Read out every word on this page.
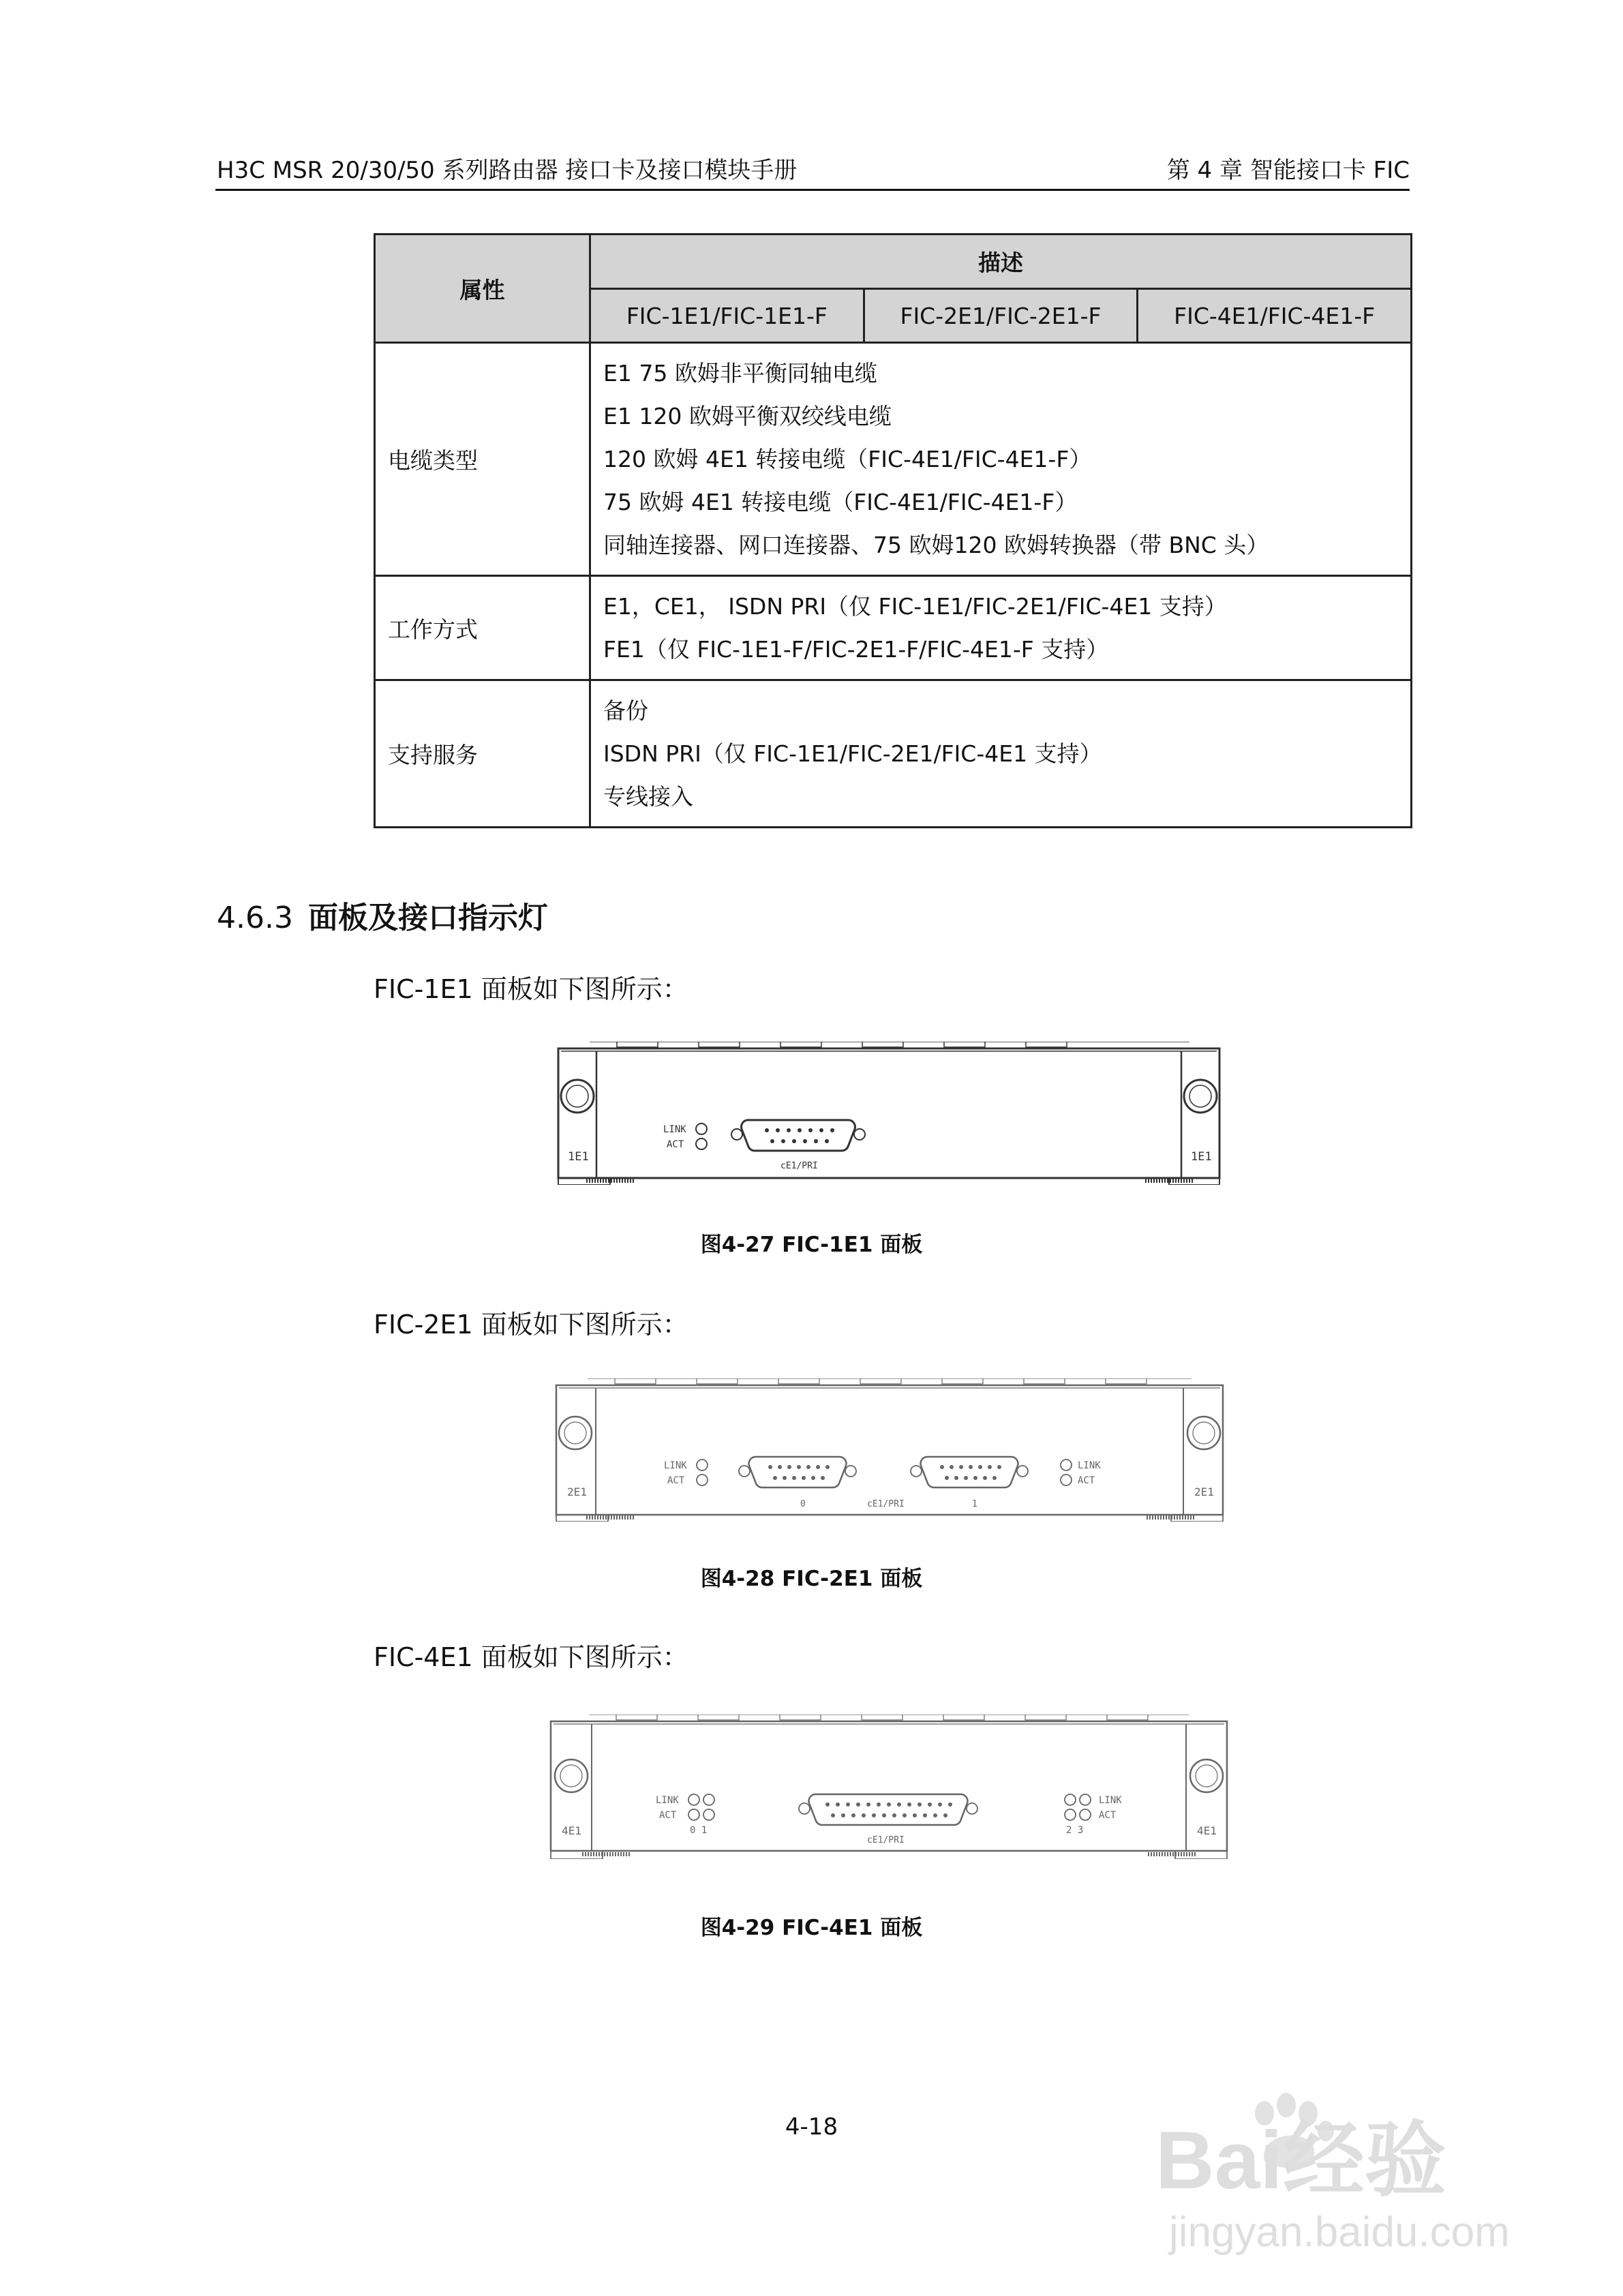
H3C MSR 20/30/50 系列路由器 接口卡及接口模块手册	第 4 章 智能接口卡 FIC
属性	描述		
	FIC-1E1/FIC-1E1-F	FIC-2E1/FIC-2E1-F	FIC-4E1/FIC-4E1-F
电缆类型	E1 75 欧姆非平衡同轴电缆
E1 120 欧姆平衡双绞线电缆
120 欧姆 4E1 转接电缆（FIC-4E1/FIC-4E1-F）
75 欧姆 4E1 转接电缆（FIC-4E1/FIC-4E1-F）
同轴连接器、网口连接器、75 欧姆120 欧姆转换器（带 BNC 头）		

工作方式	E1，CE1， ISDN PRI（仅 FIC-1E1/FIC-2E1/FIC-4E1 支持）
FE1（仅 FIC-1E1-F/FIC-2E1-F/FIC-4E1-F 支持）		

支持服务	备份
ISDN PRI（仅 FIC-1E1/FIC-2E1/FIC-4E1 支持）
专线接入		
4.6.3 面板及接口指示灯
FIC-1E1 面板如下图所示：
1E1	1E1
LINK
ACT
cE1/PRI
图4-27 FIC-1E1 面板
FIC-2E1 面板如下图所示：
2E1	2E1
LINK
ACT
LINK
ACT
0	cE1/PRI	1
图4-28 FIC-2E1 面板
FIC-4E1 面板如下图所示：
4E1	4E1
LINK
ACT
0 1
LINK
ACT
2 3
cE1/PRI
图4-29 FIC-4E1 面板
4-18	Bai经验
jingyan.baidu.com
